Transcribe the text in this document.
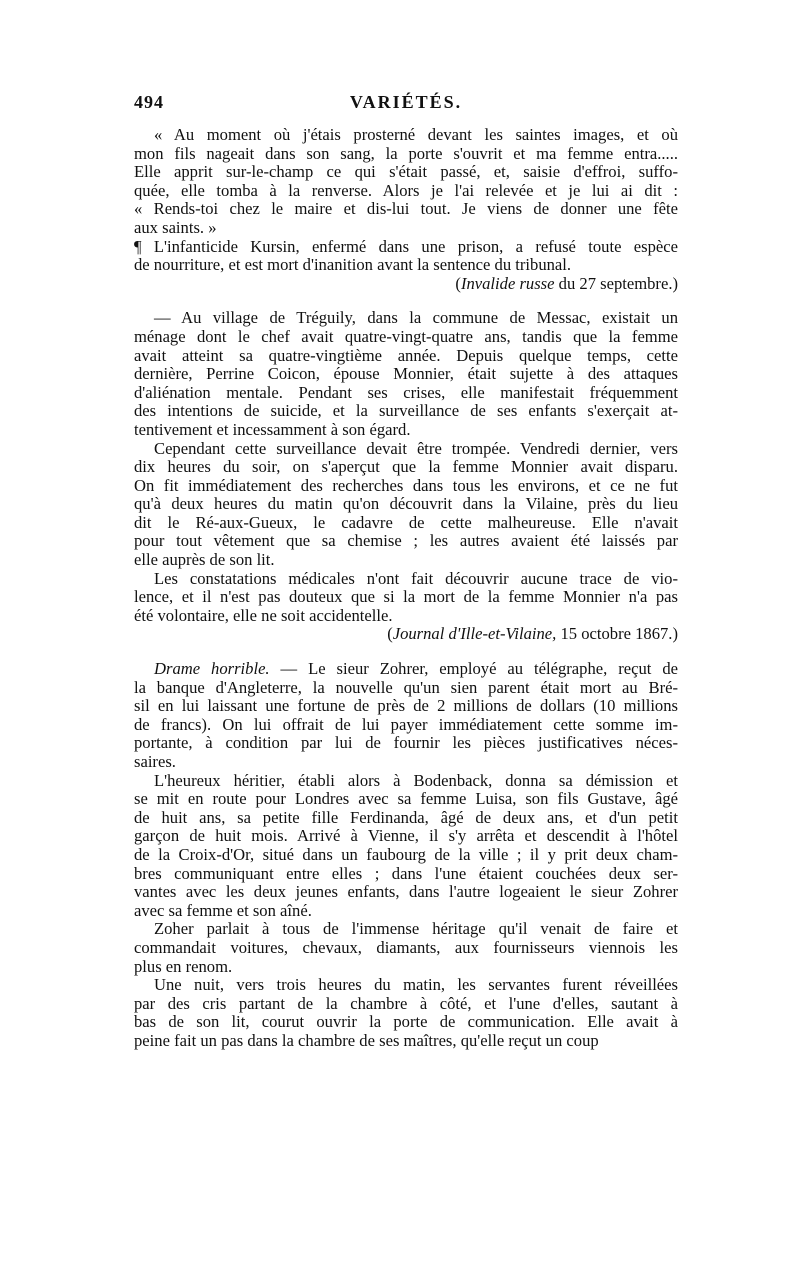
494	VARIÉTÉS.
« Au moment où j'étais prosterné devant les saintes images, et où
mon fils nageait dans son sang, la porte s'ouvrit et ma femme entra.....
Elle apprit sur-le-champ ce qui s'était passé, et, saisie d'effroi, suffo-
quée, elle tomba à la renverse. Alors je l'ai relevée et je lui ai dit :
« Rends-toi chez le maire et dis-lui tout. Je viens de donner une fête
aux saints. »
¶ L'infanticide Kursin, enfermé dans une prison, a refusé toute espèce
de nourriture, et est mort d'inanition avant la sentence du tribunal.
(Invalide russe du 27 septembre.)
— Au village de Tréguily, dans la commune de Messac, existait un
ménage dont le chef avait quatre-vingt-quatre ans, tandis que la femme
avait atteint sa quatre-vingtième année. Depuis quelque temps, cette
dernière, Perrine Coicon, épouse Monnier, était sujette à des attaques
d'aliénation mentale. Pendant ses crises, elle manifestait fréquemment
des intentions de suicide, et la surveillance de ses enfants s'exerçait at-
tentivement et incessamment à son égard.
Cependant cette surveillance devait être trompée. Vendredi dernier, vers
dix heures du soir, on s'aperçut que la femme Monnier avait disparu.
On fit immédiatement des recherches dans tous les environs, et ce ne fut
qu'à deux heures du matin qu'on découvrit dans la Vilaine, près du lieu
dit le Ré-aux-Gueux, le cadavre de cette malheureuse. Elle n'avait
pour tout vêtement que sa chemise ; les autres avaient été laissés par
elle auprès de son lit.
Les constatations médicales n'ont fait découvrir aucune trace de vio-
lence, et il n'est pas douteux que si la mort de la femme Monnier n'a pas
été volontaire, elle ne soit accidentelle.
(Journal d'Ille-et-Vilaine, 15 octobre 1867.)
Drame horrible. — Le sieur Zohrer, employé au télégraphe, reçut de
la banque d'Angleterre, la nouvelle qu'un sien parent était mort au Bré-
sil en lui laissant une fortune de près de 2 millions de dollars (10 millions
de francs). On lui offrait de lui payer immédiatement cette somme im-
portante, à condition par lui de fournir les pièces justificatives néces-
saires.
L'heureux héritier, établi alors à Bodenback, donna sa démission et
se mit en route pour Londres avec sa femme Luisa, son fils Gustave, âgé
de huit ans, sa petite fille Ferdinanda, âgé de deux ans, et d'un petit
garçon de huit mois. Arrivé à Vienne, il s'y arrêta et descendit à l'hôtel
de la Croix-d'Or, situé dans un faubourg de la ville ; il y prit deux cham-
bres communiquant entre elles ; dans l'une étaient couchées deux ser-
vantes avec les deux jeunes enfants, dans l'autre logeaient le sieur Zohrer
avec sa femme et son aîné.
Zoher parlait à tous de l'immense héritage qu'il venait de faire et
commandait voitures, chevaux, diamants, aux fournisseurs viennois les
plus en renom.
Une nuit, vers trois heures du matin, les servantes furent réveillées
par des cris partant de la chambre à côté, et l'une d'elles, sautant à
bas de son lit, courut ouvrir la porte de communication. Elle avait à
peine fait un pas dans la chambre de ses maîtres, qu'elle reçut un coup
